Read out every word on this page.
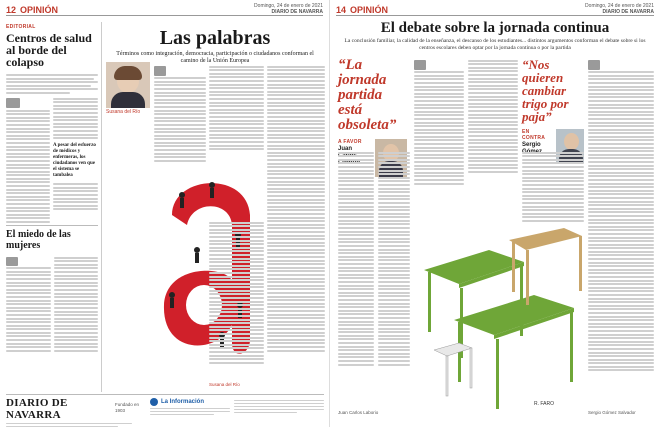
12 OPINIÓN	Domingo, 24 de enero de 2021
DIARIO DE NAVARRA
EDITORIAL
Centros de salud al borde del colapso
A pesar del esfuerzo de médicos y enfermeras, los ciudadanos ven que el sistema se tambalea
El miedo de las mujeres
DIARIO DE NAVARRA
Fundado en 1903
La Información
Las palabras
Términos como integración, democracia, participación o ciudadanos conforman el camino de la Unión Europea
Susana del Río
Susana del Río
14 OPINIÓN	Domingo, 24 de enero de 2021
DIARIO DE NAVARRA
El debate sobre la jornada continua
La conclusión familiar, la calidad de la enseñanza, el descanso de los estudiantes... distintos argumentos conforman el debate sobre si los centros escolares deben optar por la jornada continua o por la partida
“La jornada partida está obsoleta”
A FAVOR
Juan
“Nos quieren cambiar trigo por paja”
EN CONTRA
Sergio
R. FARO
Juan Carlos Laborio	Sergio Gómez Salvador
